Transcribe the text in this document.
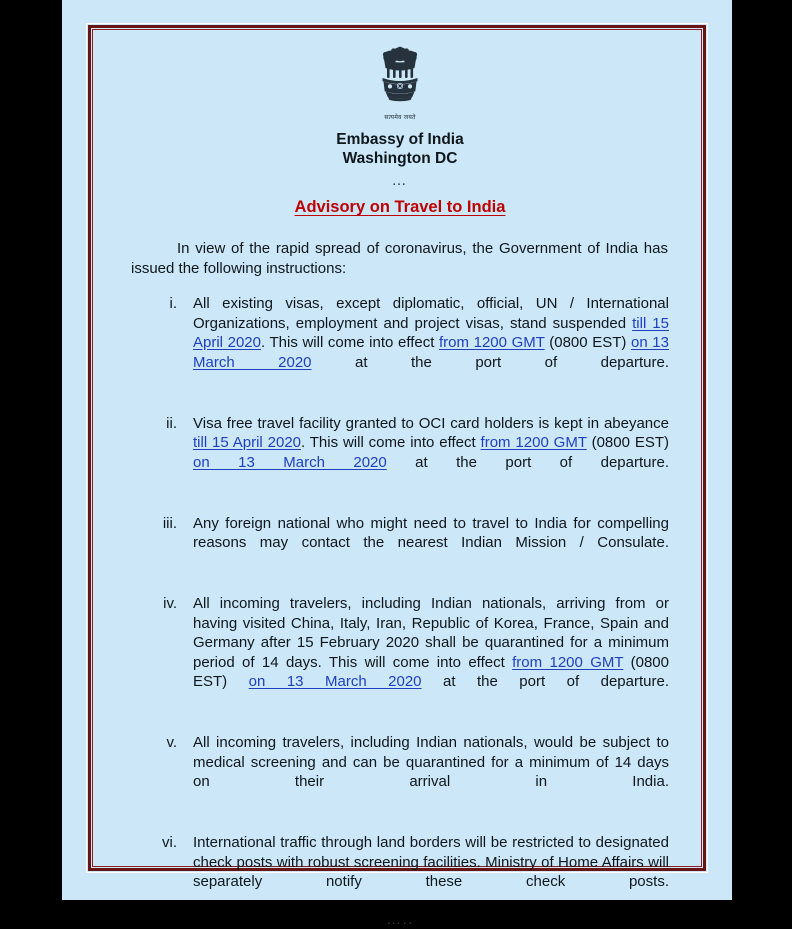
सत्यमेव जयते
Embassy of India
Washington DC
…
Advisory on Travel to India

In view of the rapid spread of coronavirus, the Government of India has issued the following instructions:

i. All existing visas, except diplomatic, official, UN / International Organizations, employment and project visas, stand suspended till 15 April 2020. This will come into effect from 1200 GMT (0800 EST) on 13 March 2020 at the port of departure.
ii. Visa free travel facility granted to OCI card holders is kept in abeyance till 15 April 2020. This will come into effect from 1200 GMT (0800 EST) on 13 March 2020 at the port of departure.
iii. Any foreign national who might need to travel to India for compelling reasons may contact the nearest Indian Mission / Consulate.
iv. All incoming travelers, including Indian nationals, arriving from or having visited China, Italy, Iran, Republic of Korea, France, Spain and Germany after 15 February 2020 shall be quarantined for a minimum period of 14 days. This will come into effect from 1200 GMT (0800 EST) on 13 March 2020 at the port of departure.
v. All incoming travelers, including Indian nationals, would be subject to medical screening and can be quarantined for a minimum of 14 days on their arrival in India.
vi. International traffic through land borders will be restricted to designated check posts with robust screening facilities. Ministry of Home Affairs will separately notify these check posts.
…..
